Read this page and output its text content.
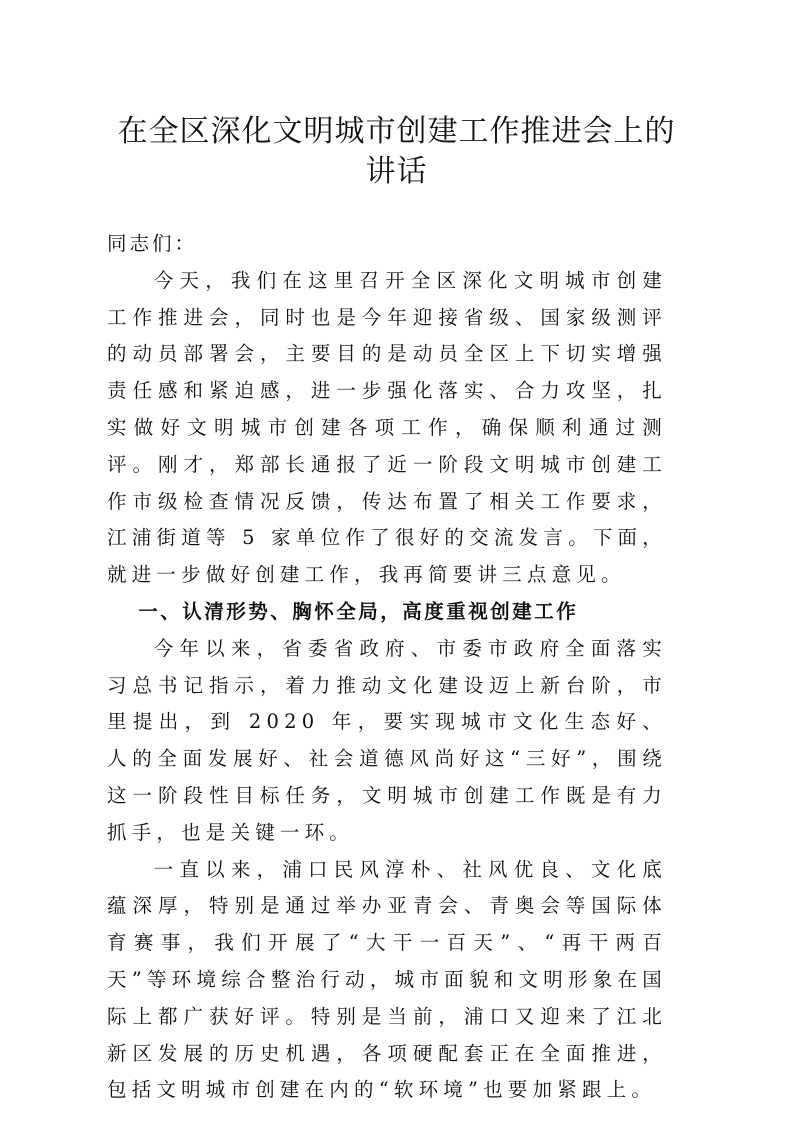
在全区深化文明城市创建工作推进会上的
讲话

同志们：

今天，我们在这里召开全区深化文明城市创建工作推进会，同时也是今年迎接省级、国家级测评的动员部署会，主要目的是动员全区上下切实增强责任感和紧迫感，进一步强化落实、合力攻坚，扎实做好文明城市创建各项工作，确保顺利通过测评。刚才，郑部长通报了近一阶段文明城市创建工作市级检查情况反馈，传达布置了相关工作要求，江浦街道等 5 家单位作了很好的交流发言。下面，就进一步做好创建工作，我再简要讲三点意见。

一、认清形势、胸怀全局，高度重视创建工作

今年以来，省委省政府、市委市政府全面落实习总书记指示，着力推动文化建设迈上新台阶，市里提出，到 2020 年，要实现城市文化生态好、人的全面发展好、社会道德风尚好这“三好”，围绕这一阶段性目标任务，文明城市创建工作既是有力抓手，也是关键一环。

一直以来，浦口民风淳朴、社风优良、文化底蕴深厚，特别是通过举办亚青会、青奥会等国际体育赛事，我们开展了“大干一百天”、“再干两百天”等环境综合整治行动，城市面貌和文明形象在国际上都广获好评。特别是当前，浦口又迎来了江北新区发展的历史机遇，各项硬配套正在全面推进，包括文明城市创建在内的“软环境”也要加紧跟上。
